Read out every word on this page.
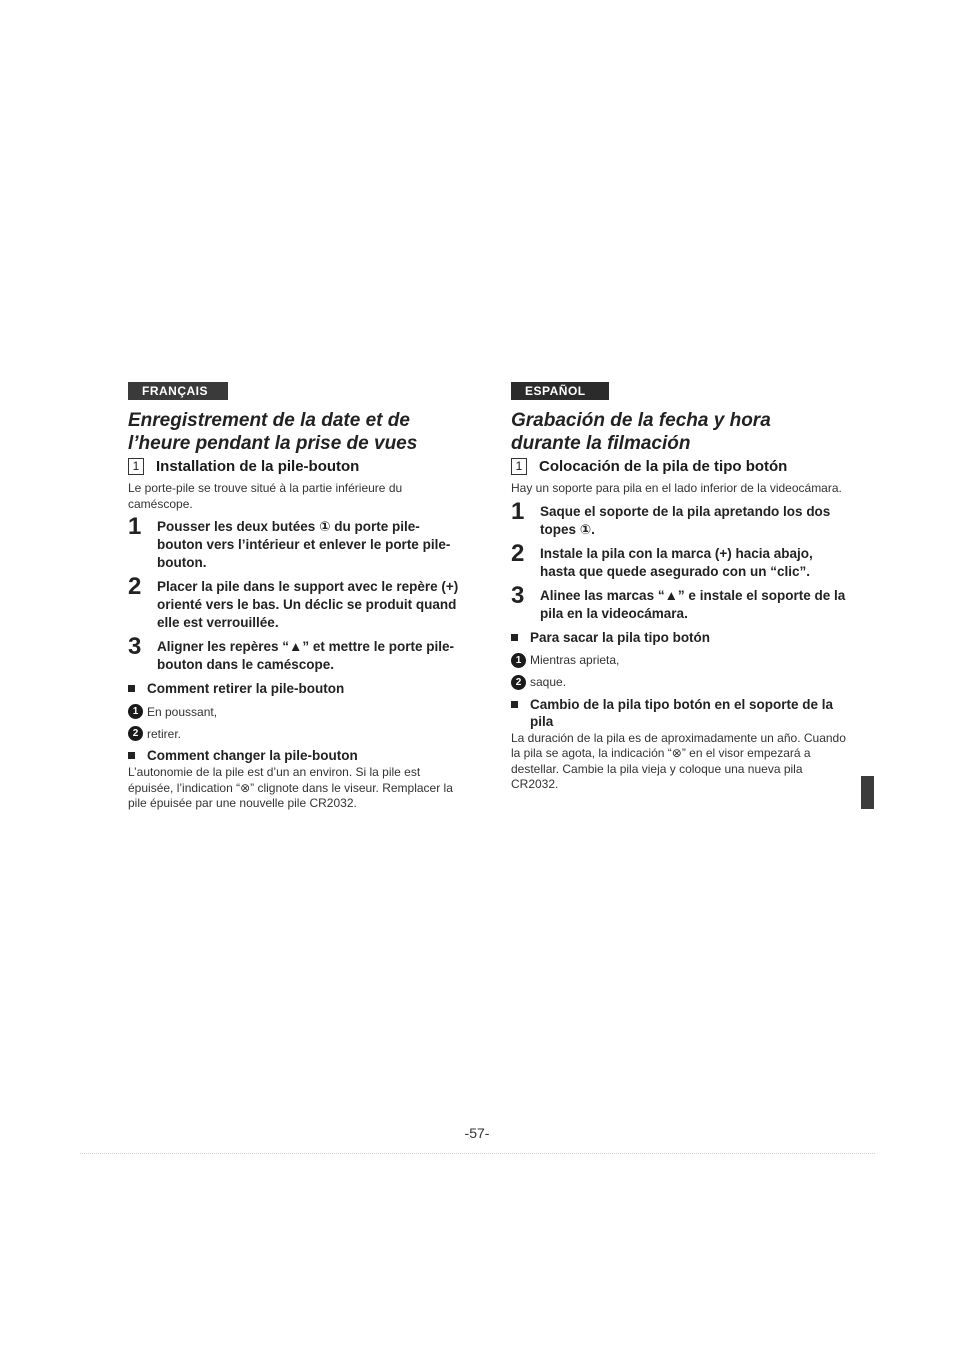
FRANÇAIS
Enregistrement de la date et de
l’heure pendant la prise de vues
1	Installation de la pile-bouton

Le porte-pile se trouve situé à la partie inférieure du caméscope.

1	Pousser les deux butées ① du porte pile-bouton vers l’intérieur et enlever le porte pile-bouton.
2	Placer la pile dans le support avec le repère (+) orienté vers le bas. Un déclic se produit quand elle est verrouillée.
3	Aligner les repères “▲” et mettre le porte pile-bouton dans le caméscope.
Comment retirer la pile-bouton
1 En poussant,
2 retirer.
Comment changer la pile-bouton

L’autonomie de la pile est d’un an environ. Si la pile est épuisée, l’indication “⊗” clignote dans le viseur. Remplacer la pile épuisée par une nouvelle pile CR2032.

ESPAÑOL
Grabación de la fecha y hora
durante la filmación
1	Colocación de la pila de tipo botón

Hay un soporte para pila en el lado inferior de la videocámara.

1	Saque el soporte de la pila apretando los dos topes ①.
2	Instale la pila con la marca (+) hacia abajo, hasta que quede asegurado con un “clic”.
3	Alinee las marcas “▲” e instale el soporte de la pila en la videocámara.
Para sacar la pila tipo botón
1 Mientras aprieta,
2 saque.
Cambio de la pila tipo botón en el soporte de la pila

La duración de la pila es de aproximadamente un año. Cuando la pila se agota, la indicación “⊗” en el visor empezará a destellar. Cambie la pila vieja y coloque una nueva pila CR2032.

-57-
